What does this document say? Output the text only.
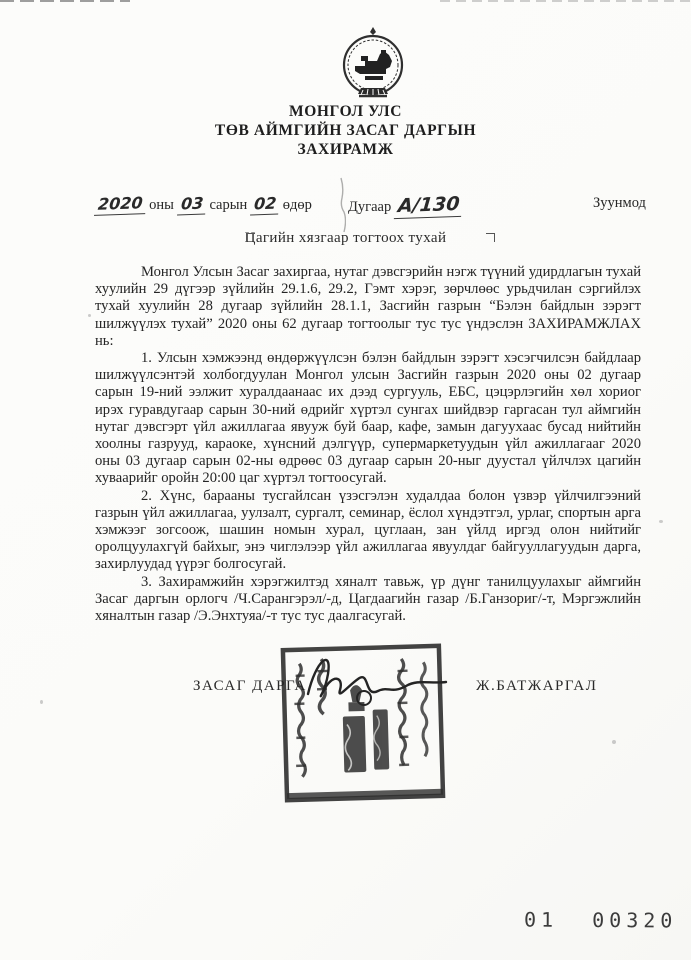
МОНГОЛ УЛС
ТӨВ АЙМГИЙН ЗАСАГ ДАРГЫН
ЗАХИРАМЖ
2020 оны 03 сарын 02 өдөр Дугаар А/130	Зуунмод
Цагийн хязгаар тогтоох тухай

Монгол Улсын Засаг захиргаа, нутаг дэвсгэрийн нэгж түүний удирдлагын тухай хуулийн 29 дүгээр зүйлийн 29.1.6, 29.2, Гэмт хэрэг, зөрчлөөс урьдчилан сэргийлэх тухай хуулийн 28 дугаар зүйлийн 28.1.1, Засгийн газрын “Бэлэн байдлын зэрэгт шилжүүлэх тухай” 2020 оны 62 дугаар тогтоолыг тус тус үндэслэн ЗАХИРАМЖЛАХ нь:

1. Улсын хэмжээнд өндөржүүлсэн бэлэн байдлын зэрэгт хэсэгчилсэн байдлаар шилжүүлсэнтэй холбогдуулан Монгол улсын Засгийн газрын 2020 оны 02 дугаар сарын 19-ний ээлжит хуралдаанаас их дээд сургууль, ЕБС, цэцэрлэгийн хөл хориог ирэх гуравдугаар сарын 30-ний өдрийг хүртэл сунгах шийдвэр гаргасан тул аймгийн нутаг дэвсгэрт үйл ажиллагаа явууж буй баар, кафе, замын дагуухаас бусад нийтийн хоолны газрууд, караоке, хүнсний дэлгүүр, супермаркетуудын үйл ажиллагааг 2020 оны 03 дугаар сарын 02-ны өдрөөс 03 дугаар сарын 20-ныг дуустал үйлчлэх цагийн хуваарийг оройн 20:00 цаг хүртэл тогтоосугай.

2. Хүнс, барааны тусгайлсан үзэсгэлэн худалдаа болон үзвэр үйлчилгээний газрын үйл ажиллагаа, уулзалт, сургалт, семинар, ёслол хүндэтгэл, урлаг, спортын арга хэмжээг зогсоож, шашин номын хурал, цуглаан, зан үйлд иргэд олон нийтийг оролцуулахгүй байхыг, энэ чиглэлээр үйл ажиллагаа явуулдаг байгууллагуудын дарга, захирлуудад үүрэг болгосугай.

3. Захирамжийн хэрэгжилтэд хяналт тавьж, үр дүнг танилцуулахыг аймгийн Засаг даргын орлогч /Ч.Сарангэрэл/-д, Цагдаагийн газар /Б.Ганзориг/-т, Мэргэжлийн хяналтын газар /Э.Энхтуяа/-т тус тус даалгасугай.

ЗАСАГ ДАРГА	Ж.БАТЖАРГАЛ
01  00320
